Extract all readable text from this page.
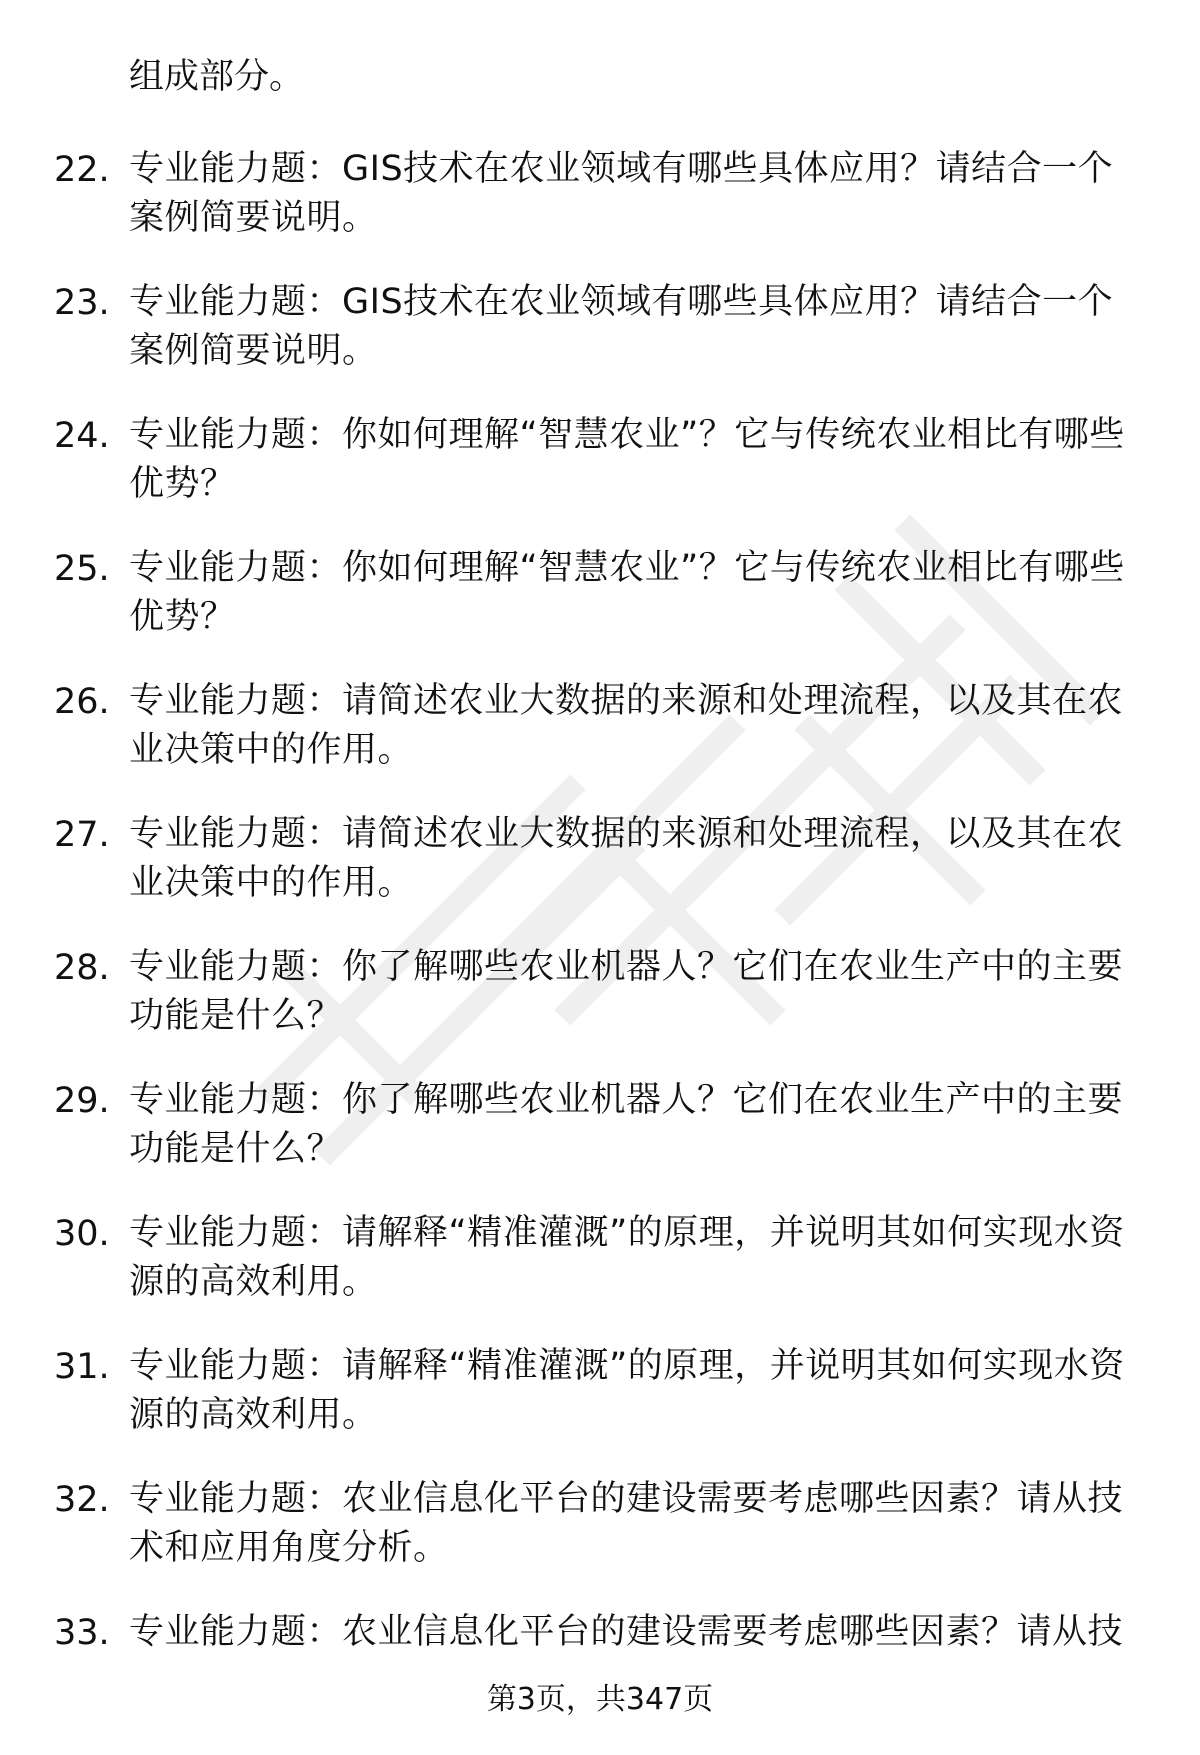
组成部分。
22. 专业能力题：GIS技术在农业领域有哪些具体应用？请结合一个案例简要说明。
23. 专业能力题：GIS技术在农业领域有哪些具体应用？请结合一个案例简要说明。
24. 专业能力题：你如何理解“智慧农业”？它与传统农业相比有哪些优势？
25. 专业能力题：你如何理解“智慧农业”？它与传统农业相比有哪些优势？
26. 专业能力题：请简述农业大数据的来源和处理流程，以及其在农业决策中的作用。
27. 专业能力题：请简述农业大数据的来源和处理流程，以及其在农业决策中的作用。
28. 专业能力题：你了解哪些农业机器人？它们在农业生产中的主要功能是什么？
29. 专业能力题：你了解哪些农业机器人？它们在农业生产中的主要功能是什么？
30. 专业能力题：请解释“精准灌溉”的原理，并说明其如何实现水资源的高效利用。
31. 专业能力题：请解释“精准灌溉”的原理，并说明其如何实现水资源的高效利用。
32. 专业能力题：农业信息化平台的建设需要考虑哪些因素？请从技术和应用角度分析。
33. 专业能力题：农业信息化平台的建设需要考虑哪些因素？请从技
第3页，共347页
